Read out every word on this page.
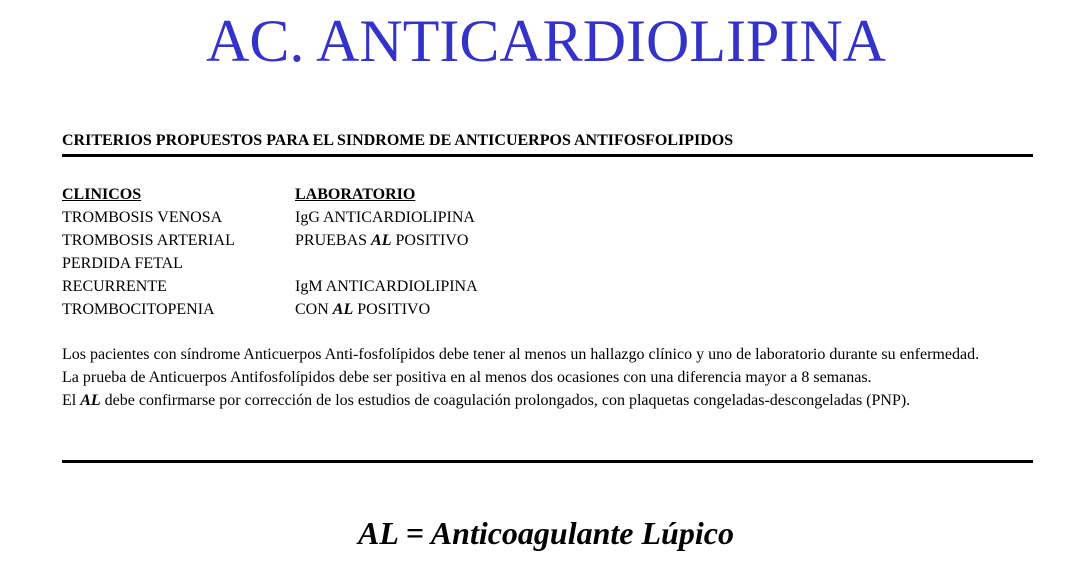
AC. ANTICARDIOLIPINA
CRITERIOS PROPUESTOS PARA EL SINDROME DE ANTICUERPOS ANTIFOSFOLIPIDOS
CLINICOS
TROMBOSIS VENOSA
TROMBOSIS ARTERIAL
PERDIDA FETAL
RECURRENTE
TROMBOCITOPENIA
LABORATORIO
IgG ANTICARDIOLIPINA
PRUEBAS AL POSITIVO
IgM ANTICARDIOLIPINA
CON AL POSITIVO

Los pacientes con síndrome Anticuerpos Anti-fosfolípidos debe tener al menos un hallazgo clínico y uno de laboratorio durante su enfermedad.

La prueba de Anticuerpos Antifosfolípidos debe ser positiva en al menos dos ocasiones con una diferencia mayor a 8 semanas.

El AL debe confirmarse por corrección de los estudios de coagulación prolongados, con plaquetas congeladas-descongeladas (PNP).

AL = Anticoagulante Lúpico
